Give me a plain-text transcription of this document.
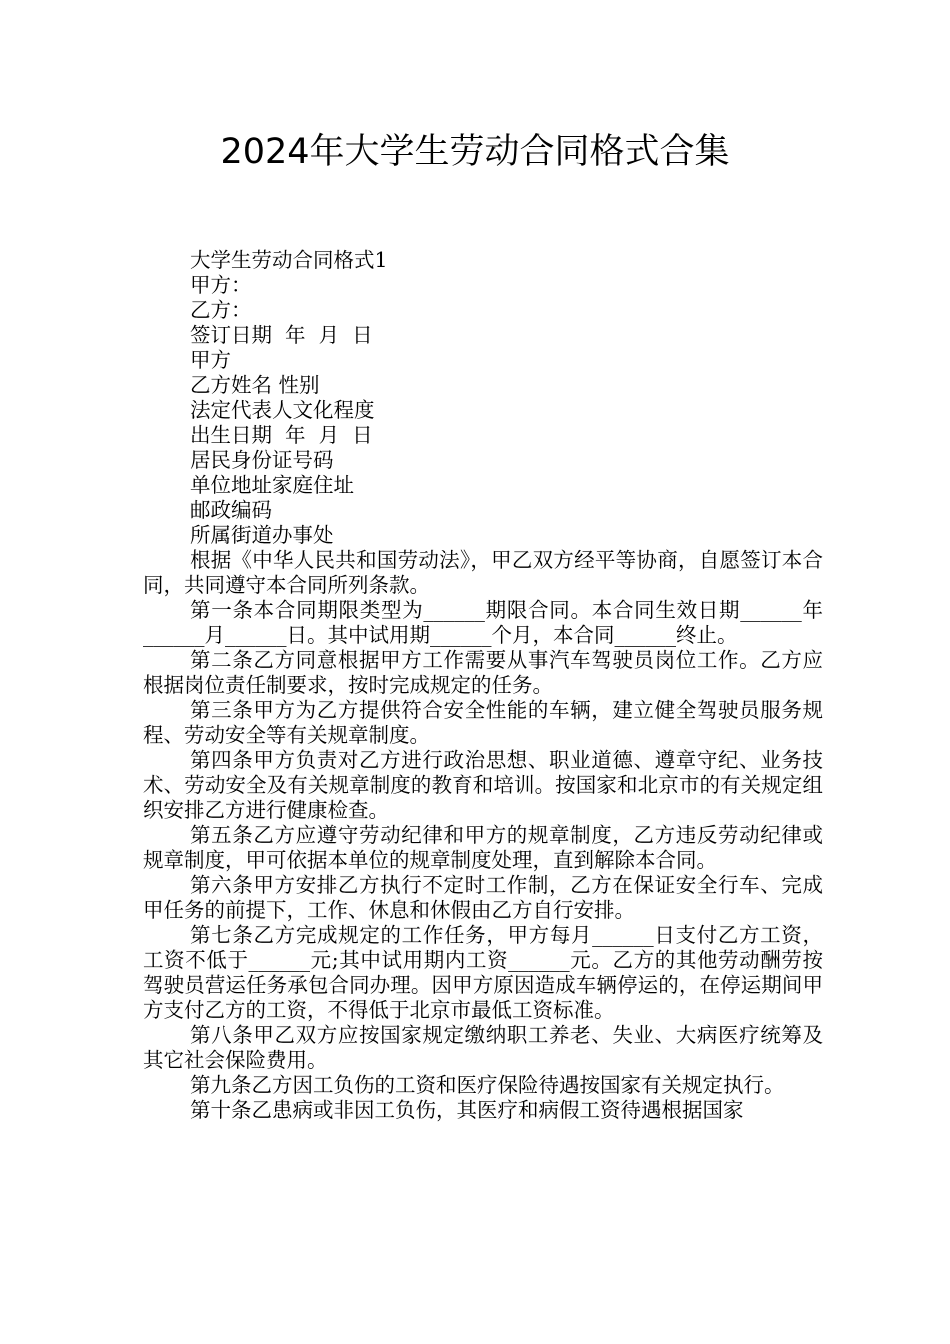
2024年大学生劳动合同格式合集
大学生劳动合同格式1
甲方：
乙方：
签订日期  年  月  日
甲方
乙方姓名 性别
法定代表人文化程度
出生日期  年  月  日
居民身份证号码
单位地址家庭住址
邮政编码
所属街道办事处

根据《中华人民共和国劳动法》，甲乙双方经平等协商，自愿签订本合同，共同遵守本合同所列条款。

第一条本合同期限类型为______期限合同。本合同生效日期______年______月______日。其中试用期______个月，本合同______终止。

第二条乙方同意根据甲方工作需要从事汽车驾驶员岗位工作。乙方应根据岗位责任制要求，按时完成规定的任务。

第三条甲方为乙方提供符合安全性能的车辆，建立健全驾驶员服务规程、劳动安全等有关规章制度。

第四条甲方负责对乙方进行政治思想、职业道德、遵章守纪、业务技术、劳动安全及有关规章制度的教育和培训。按国家和北京市的有关规定组织安排乙方进行健康检查。

第五条乙方应遵守劳动纪律和甲方的规章制度，乙方违反劳动纪律或规章制度，甲可依据本单位的规章制度处理，直到解除本合同。

第六条甲方安排乙方执行不定时工作制，乙方在保证安全行车、完成甲任务的前提下，工作、休息和休假由乙方自行安排。

第七条乙方完成规定的工作任务，甲方每月______日支付乙方工资，工资不低于______元;其中试用期内工资______元。乙方的其他劳动酬劳按驾驶员营运任务承包合同办理。因甲方原因造成车辆停运的，在停运期间甲方支付乙方的工资，不得低于北京市最低工资标准。

第八条甲乙双方应按国家规定缴纳职工养老、失业、大病医疗统筹及其它社会保险费用。

第九条乙方因工负伤的工资和医疗保险待遇按国家有关规定执行。

第十条乙患病或非因工负伤，其医疗和病假工资待遇根据国家
